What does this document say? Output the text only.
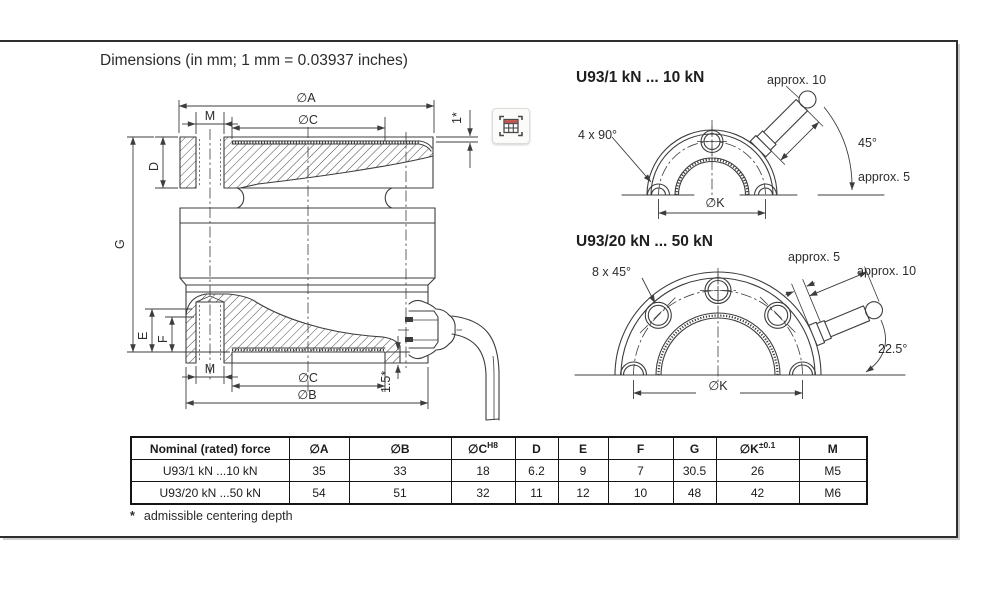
∅A
M	∅C	1*
D
G
E F
M
∅C	1.5*
∅B
approx. 10
4 x 90°
45°
approx. 5
∅K
8 x 45°
approx. 5
approx. 10
22.5°
∅K
Dimensions (in mm; 1 mm = 0.03937 inches)
U93/1 kN ... 10 kN
U93/20 kN ... 50 kN
Nominal (rated) force	∅A	∅B	$\emptyset C^{H8}$	D	E	F	G	$\emptyset K^{\pm 0.1}$	M
U93/1 kN ...10 kN	35	33	18	6.2	9	7	30.5	26	M5
U93/20 kN ...50 kN	54	51	32	11	12	10	48	42	M6
* admissible centering depth
